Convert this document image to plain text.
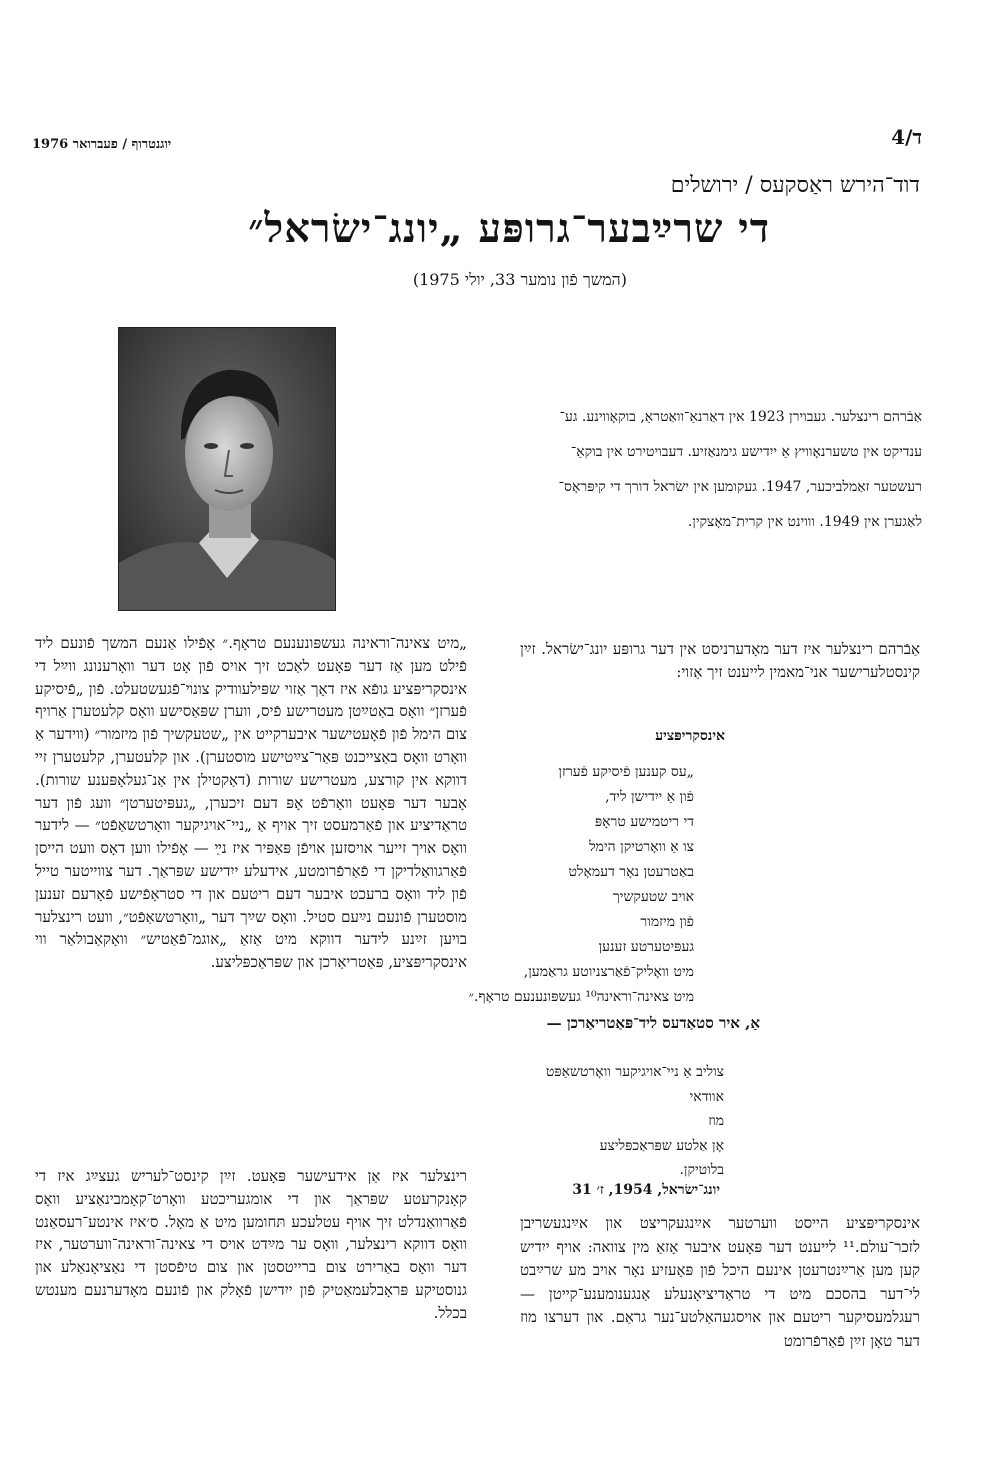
ד/4
יוגנטרוף / פעברואר 1976
דוד־הירש ראַסקעס / ירושלים
די שרײַבער־גרופּע „יונג־ישׂראל״
(המשך פֿון נומער 33, יולי 1975)
אַבֿרהם רינצלער. געבוירן 1923 אין דאַרנאַ־וואַטראַ, בוקאָווינע. גע־
ענדיקט אין טשערנאָוויץ אַ ייִדישע גימנאַזיע. דעבויטירט אין בוקאַ־
רעשטער זאַמלביכער, 1947. געקומען אין ישׂראל דורך די קיפּראָס־
לאַגערן אין 1949. וווינט אין קרית־מאָצקין.

אַבֿרהם רינצלער איז דער מאָדערניסט אין דער גרופּע יונג־ישׂראל. זײַן קינסטלערישער אני־מאמין לייענט זיך אַזוי:

אינסקריפּציע
„עס קענען פֿיסיקע פֿערזן
פֿון אַ ייִדישן ליד,
די ריטמישע טראָפּ
צו אַ וואָרטיקן הימל
באַטרעטן נאָר דעמאָלט
אויב שטעקשיך
פֿון מיזמור
געפּיטערטע זענען
מיט וואָליק־פֿאַרצניוטע גראַמען,
מיט צאינה־וראינה¹⁰ געשפּונענעם טראָף.״
אַ, איר סטאַדעס ליד־פּאַטריאַרכן —
צוליב אַ ניי־אויגיקער וואָרטשאַפּט
אוודאי
מוז
אָן אַלטע שפּראַכפּליצע
בלוטיקן.
יונג־ישׂראל, 1954, ז׳ 31

אינסקריפּציע הייסט ווערטער אײַנגעקריצט און אײַנגעשריבן לזכר־עולם.¹¹ לייענט דער פּאָעט איבער אָזאַ מין צוואה: אויף ייִדיש קען מען אַרײַנטרעטן אינעם היכל פֿון פּאָעזיע נאָר אויב מע שרײַבט לי־דער בהסכם מיט די טראַדיציאָנעלע אַנגענומענע־קייטן — רעגלמעסיקער ריטעם און אויסגעהאַלטע־נער גראַם. און דערצו מוז דער טאָן זײַן פֿאַרפֿרומט

„מיט צאינה־וראינה געשפּונענעם טראָף.״ אָפֿילו אַנעם המשך פֿונעם ליד פֿילט מען אַז דער פּאָעט לאַכט זיך אויס פֿון אָט דער וואָרענונג ווײַל די אינסקריפּציע גופֿא איז דאָך אַזוי שפּילעוודיק צונױ־פֿגעשטעלט. פֿון „פֿיסיקע פֿערזן״ וואָס באַטײַטן מעטרישע פֿיס, ווערן שפּאַסישע וואָס קלעטערן אַרויף צום הימל פֿון פֿאָעטישער איבערקייט אין „שטעקשיך פֿון מיזמור״ (ווידער אַ וואָרט וואָס באַצייכנט פּאַר־צײַטישע מוסטערן). און קלעטערן, קלעטערן זיי דווקא אין קורצע, מעטרישע שורות (דאַקטילן אין אַנ־געלאָפּענע שורות). אָבער דער פּאָעט וואָרפֿט אָפּ דעם זיכערן, „געפּיטערטן״ וועג פֿון דער טראַדיציע און פֿאַרמעסט זיך אויף אַ „ניי־אויגיקער וואָרטשאַפֿט״ — לידער וואָס אויך זייער אויסזען אויפֿן פּאַפּיר איז נײַ — אָפֿילו ווען דאָס וועט הייסן פֿאַרגוואַלדיקן די פֿאַרפֿרומטע, אידעלע ייִדישע שפּראַך. דער צווייטער טייל פֿון ליד וואָס ברעכט איבער דעם ריטעם און די סטראָפֿישע פֿאָרעם זענען מוסטערן פֿונעם נײַעם סטיל. וואָס שײַך דער „וואָרטשאַפֿט״, וועט רינצלער בויען זײַנע לידער דווקא מיט אַזאַ „אוגמ־פֿאַטיש״ וואָקאַבולאַר ווי אינסקריפּציע, פּאַטריאַרכן און שפּראַכפּליצע.

רינצלער איז אַן אידעישער פּאָעט. זײַן קינסט־לעריש געצײַג איז די קאָנקרעטע שפּראַך און די אומגעריכטע וואָרט־קאָמבינאַציע וואָס פֿאַרוואַנדלט זיך אויף עטלעכע תּחומען מיט אַ מאָל. ס׳איז אינטע־רעסאַנט וואָס דווקא רינצלער, וואָס ער מײַדט אויס די צאינה־וראינה־ווערטער, איז דער וואָס באַרירט צום ברייטסטן און צום טיפֿסטן די נאַציאָנאַלע און גנוסטיקע פּראָבלעמאַטיק פֿון ייִדישן פֿאָלק און פֿונעם מאָדערנעם מענטש בכלל.
